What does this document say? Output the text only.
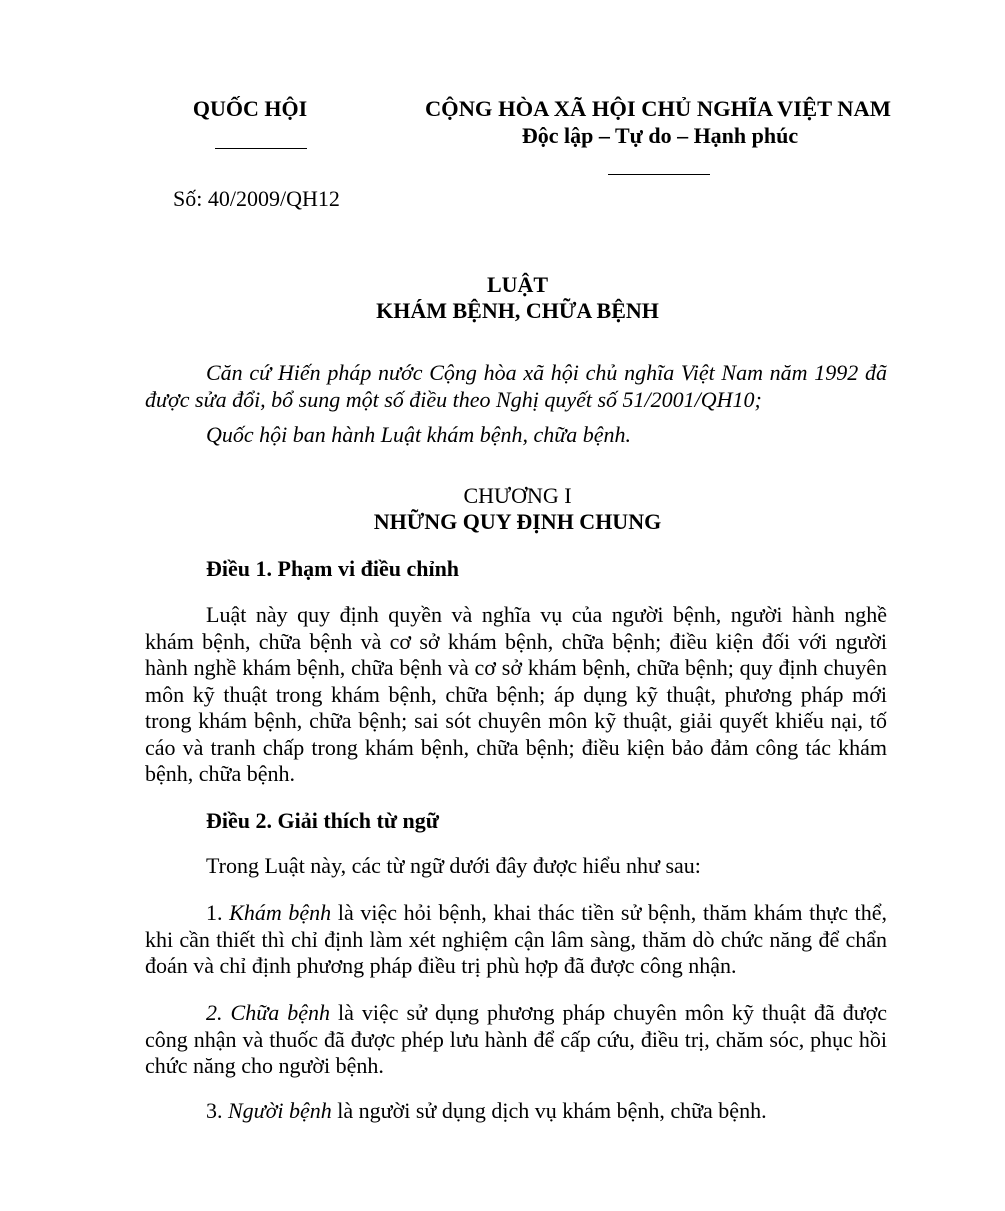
QUỐC HỘI	CỘNG HÒA XÃ HỘI CHỦ NGHĨA VIỆT NAM
Độc lập – Tự do – Hạnh phúc
Số: 40/2009/QH12
LUẬT
KHÁM BỆNH, CHỮA BỆNH
Căn cứ Hiến pháp nước Cộng hòa xã hội chủ nghĩa Việt Nam năm 1992 đã được sửa đổi, bổ sung một số điều theo Nghị quyết số 51/2001/QH10;
Quốc hội ban hành Luật khám bệnh, chữa bệnh.
CHƯƠNG I
NHỮNG QUY ĐỊNH CHUNG
Điều 1. Phạm vi điều chỉnh
Luật này quy định quyền và nghĩa vụ của người bệnh, người hành nghề khám bệnh, chữa bệnh và cơ sở khám bệnh, chữa bệnh; điều kiện đối với người hành nghề khám bệnh, chữa bệnh và cơ sở khám bệnh, chữa bệnh; quy định chuyên môn kỹ thuật trong khám bệnh, chữa bệnh; áp dụng kỹ thuật, phương pháp mới trong khám bệnh, chữa bệnh; sai sót chuyên môn kỹ thuật, giải quyết khiếu nại, tố cáo và tranh chấp trong khám bệnh, chữa bệnh; điều kiện bảo đảm công tác khám bệnh, chữa bệnh.
Điều 2. Giải thích từ ngữ
Trong Luật này, các từ ngữ dưới đây được hiểu như sau:
1. Khám bệnh là việc hỏi bệnh, khai thác tiền sử bệnh, thăm khám thực thể, khi cần thiết thì chỉ định làm xét nghiệm cận lâm sàng, thăm dò chức năng để chẩn đoán và chỉ định phương pháp điều trị phù hợp đã được công nhận.
2. Chữa bệnh là việc sử dụng phương pháp chuyên môn kỹ thuật đã được công nhận và thuốc đã được phép lưu hành để cấp cứu, điều trị, chăm sóc, phục hồi chức năng cho người bệnh.
3. Người bệnh là người sử dụng dịch vụ khám bệnh, chữa bệnh.
